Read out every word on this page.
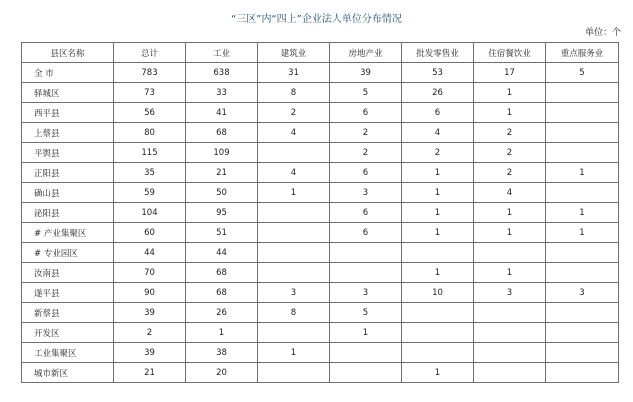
“三区”内“四上”企业法人单位分布情况
单位：个
县区名称	总计	工业	建筑业	房地产业	批发零售业	住宿餐饮业	重点服务业
全 市	783	638	31	39	53	17	5
驿城区	73	33	8	5	26	1	
西平县	56	41	2	6	6	1	
上蔡县	80	68	4	2	4	2	
平舆县	115	109		2	2	2	
正阳县	35	21	4	6	1	2	1
确山县	59	50	1	3	1	4	
泌阳县	104	95		6	1	1	1
# 产业集聚区	60	51		6	1	1	1
# 专业园区	44	44					
汝南县	70	68			1	1	
遂平县	90	68	3	3	10	3	3
新蔡县	39	26	8	5			
开发区	2	1		1			
工业集聚区	39	38	1				
城市新区	21	20			1		
